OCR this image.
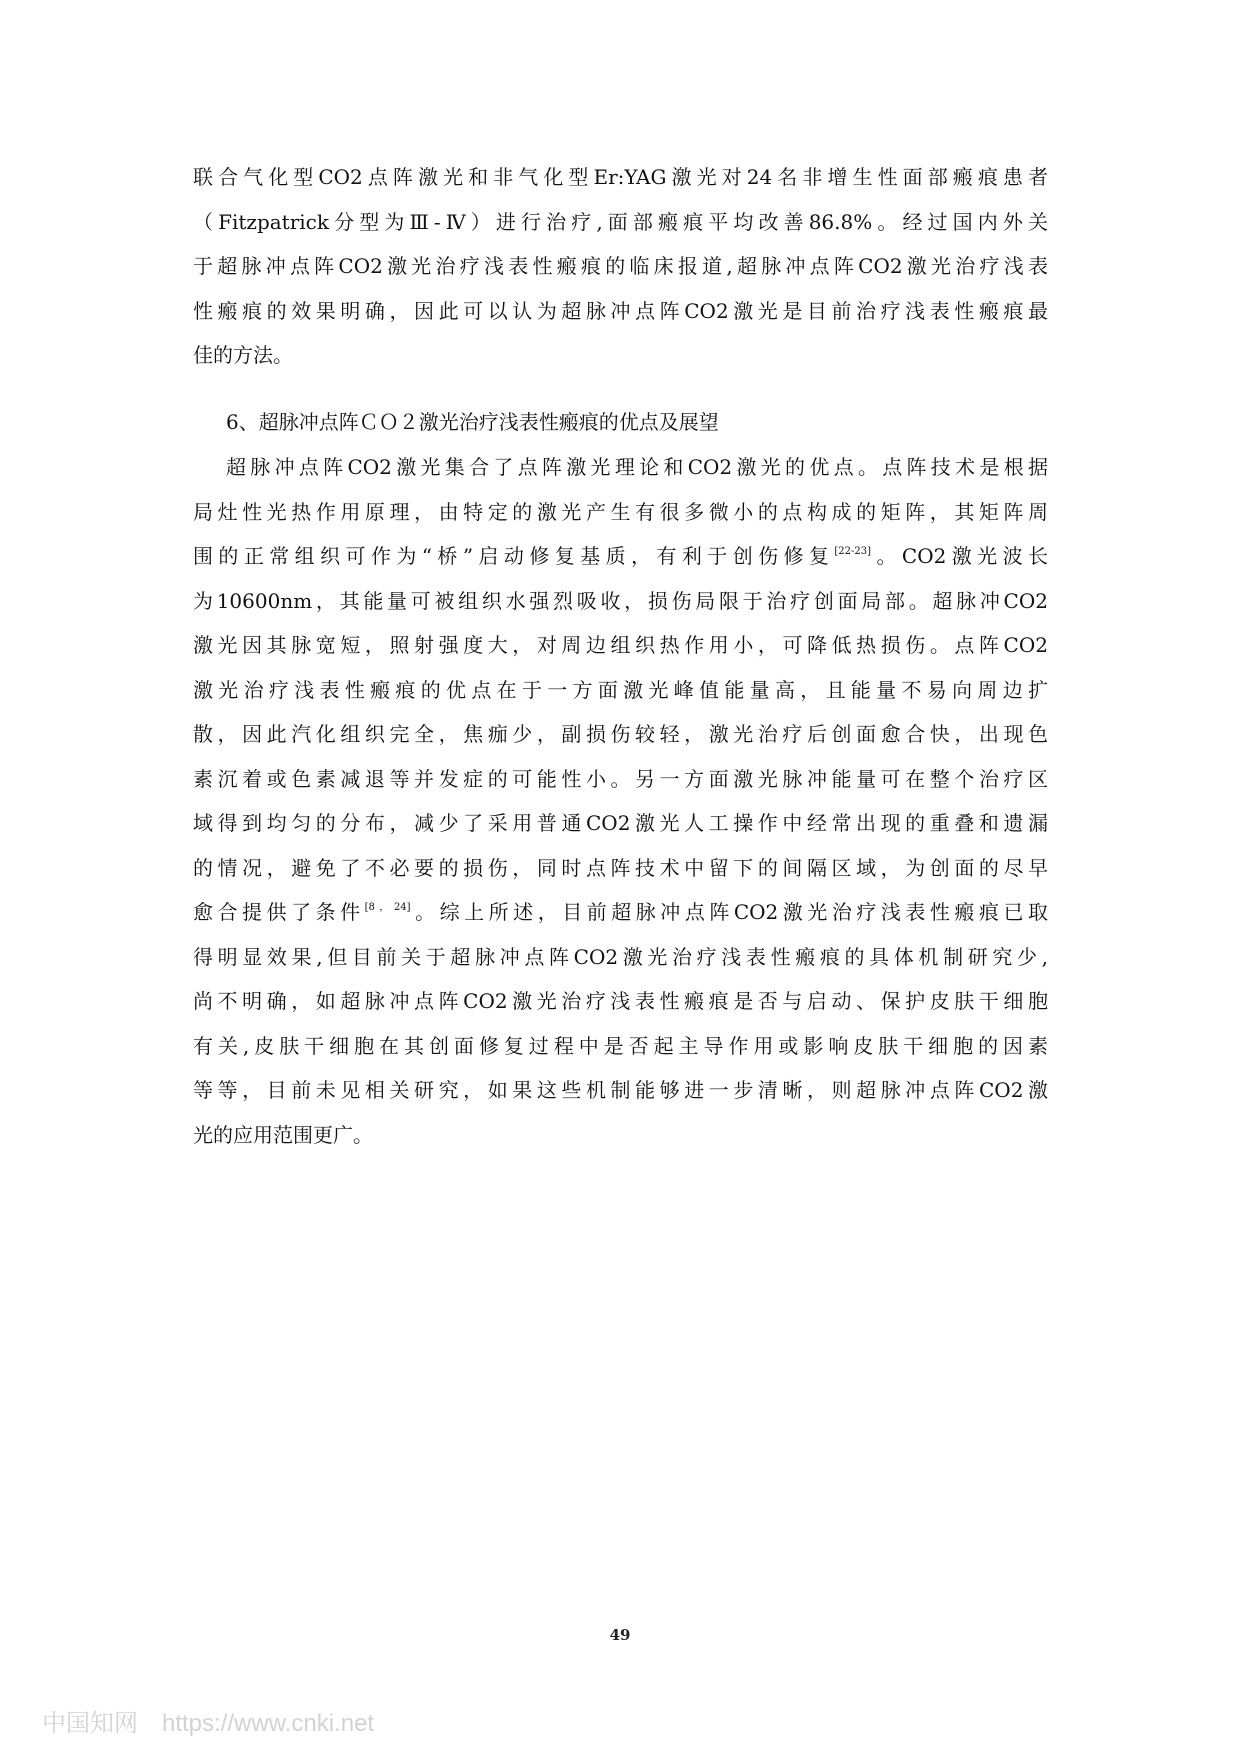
联合气化型CO2点阵激光和非气化型Er:YAG激光对24名非增生性面部瘢痕患者
（Fitzpatrick分型为Ⅲ-Ⅳ）进行治疗,面部瘢痕平均改善86.8%。经过国内外关
于超脉冲点阵CO2激光治疗浅表性瘢痕的临床报道,超脉冲点阵CO2激光治疗浅表
性瘢痕的效果明确，因此可以认为超脉冲点阵CO2激光是目前治疗浅表性瘢痕最
佳的方法。
6、超脉冲点阵ＣＯ２激光治疗浅表性瘢痕的优点及展望
超脉冲点阵CO2激光集合了点阵激光理论和CO2激光的优点。点阵技术是根据
局灶性光热作用原理，由特定的激光产生有很多微小的点构成的矩阵，其矩阵周
围的正常组织可作为“桥”启动修复基质，有利于创伤修复[22-23]。CO2激光波长
为10600nm，其能量可被组织水强烈吸收，损伤局限于治疗创面局部。超脉冲CO2
激光因其脉宽短，照射强度大，对周边组织热作用小，可降低热损伤。点阵CO2
激光治疗浅表性瘢痕的优点在于一方面激光峰值能量高，且能量不易向周边扩
散，因此汽化组织完全，焦痂少，副损伤较轻，激光治疗后创面愈合快，出现色
素沉着或色素减退等并发症的可能性小。另一方面激光脉冲能量可在整个治疗区
域得到均匀的分布，减少了采用普通CO2激光人工操作中经常出现的重叠和遗漏
的情况，避免了不必要的损伤，同时点阵技术中留下的间隔区域，为创面的尽早
愈合提供了条件[8，24]。综上所述，目前超脉冲点阵CO2激光治疗浅表性瘢痕已取
得明显效果,但目前关于超脉冲点阵CO2激光治疗浅表性瘢痕的具体机制研究少,
尚不明确，如超脉冲点阵CO2激光治疗浅表性瘢痕是否与启动、保护皮肤干细胞
有关,皮肤干细胞在其创面修复过程中是否起主导作用或影响皮肤干细胞的因素
等等，目前未见相关研究，如果这些机制能够进一步清晰，则超脉冲点阵CO2激
光的应用范围更广。
49
中国知网 https://www.cnki.net
